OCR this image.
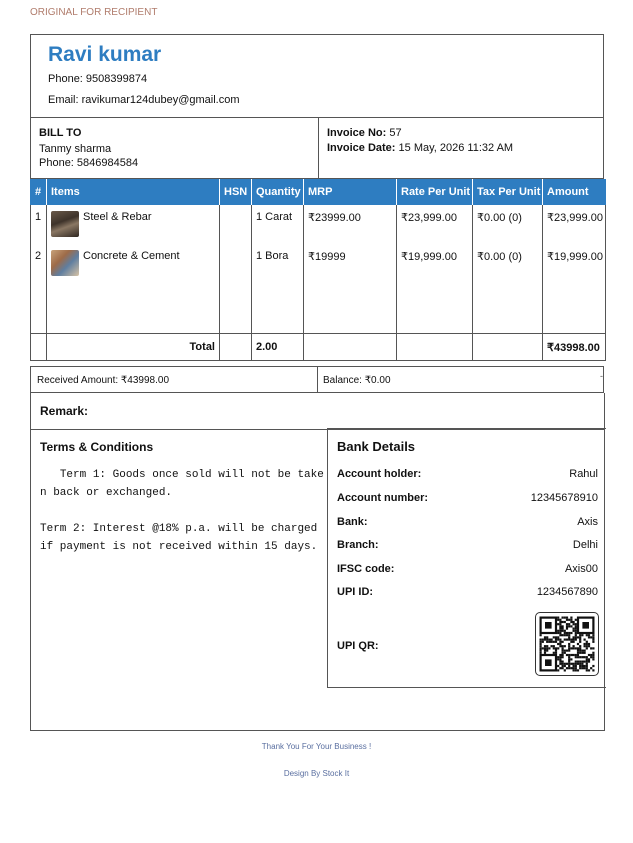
ORIGINAL FOR RECIPIENT
Ravi kumar
Phone: 9508399874
Email: ravikumar124dubey@gmail.com
BILL TO
Tanmy sharma
Phone: 5846984584
Invoice No: 57
Invoice Date: 15 May, 2026 11:32 AM
#	Items	HSN	Quantity	MRP	Rate Per Unit	Tax Per Unit	Amount
1	Steel & Rebar		1 Carat	₹23999.00	₹23,999.00	₹0.00 (0)	₹23,999.00
2	Concrete & Cement		1 Bora	₹19999	₹19,999.00	₹0.00 (0)	₹19,999.00

	Total		2.00				₹43998.00
Received Amount: ₹43998.00	Balance: ₹0.00	-
Remark:
Terms & Conditions
Term 1: Goods once sold will not be taken back or exchanged.

Term 2: Interest @18% p.a. will be charged if payment is not received within 15 days.
Bank Details
Account holder:	Rahul
Account number:	12345678910
Bank:	Axis
Branch:	Delhi
IFSC code:	Axis00
UPI ID:	1234567890
UPI QR:
Thank You For Your Business !
Design By Stock It
